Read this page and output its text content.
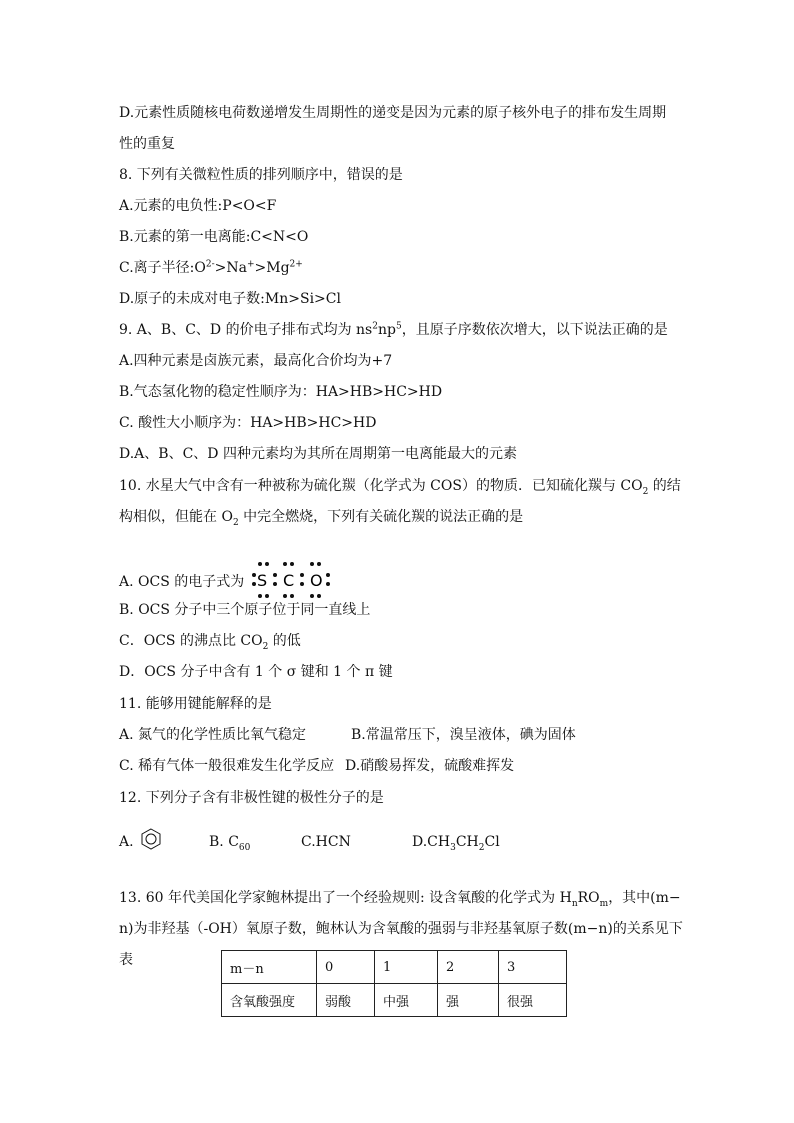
D.元素性质随核电荷数递增发生周期性的递变是因为元素的原子核外电子的排布发生周期
性的重复
8. 下列有关微粒性质的排列顺序中，错误的是
A.元素的电负性:P<O<F
B.元素的第一电离能:C<N<O
C.离子半径$:O^{2-}>Na^+>Mg^{2+}$
D.原子的未成对电子数:Mn>Si>Cl
9. A、B、C、D 的价电子排布式均为 $ns^2np^5$，且原子序数依次增大，以下说法正确的是
A.四种元素是卤族元素，最高化合价均为+7
B.气态氢化物的稳定性顺序为：HA>HB>HC>HD
C. 酸性大小顺序为：HA>HB>HC>HD
D.A、B、C、D 四种元素均为其所在周期第一电离能最大的元素
10. 水星大气中含有一种被称为硫化羰（化学式为 COS）的物质．已知硫化羰与 $CO_2$ 的结
构相似，但能在 $O_2$ 中完全燃烧，下列有关硫化羰的说法正确的是
A. OCS 的电子式为 S C O
B. OCS 分子中三个原子位于同一直线上
C．OCS 的沸点比 $CO_2$ 的低
D．OCS 分子中含有 1 个 σ 键和 1 个 π 键
11. 能够用键能解释的是
A. 氮气的化学性质比氧气稳定	B.常温常压下，溴呈液体，碘为固体
C. 稀有气体一般很难发生化学反应 D.硝酸易挥发，硫酸难挥发
12. 下列分子含有非极性键的极性分子的是
A.	B. $C_{60}$	C.HCN	$D.CH_3CH_2Cl$
13. 60 年代美国化学家鲍林提出了一个经验规则: 设含氧酸的化学式为 $H_nRO_m$，其中(m−
n)为非羟基（-OH）氧原子数，鲍林认为含氧酸的强弱与非羟基氧原子数(m−n)的关系见下
表
m－n	0	1	2	3
含氧酸强度	弱酸	中强	强	很强
